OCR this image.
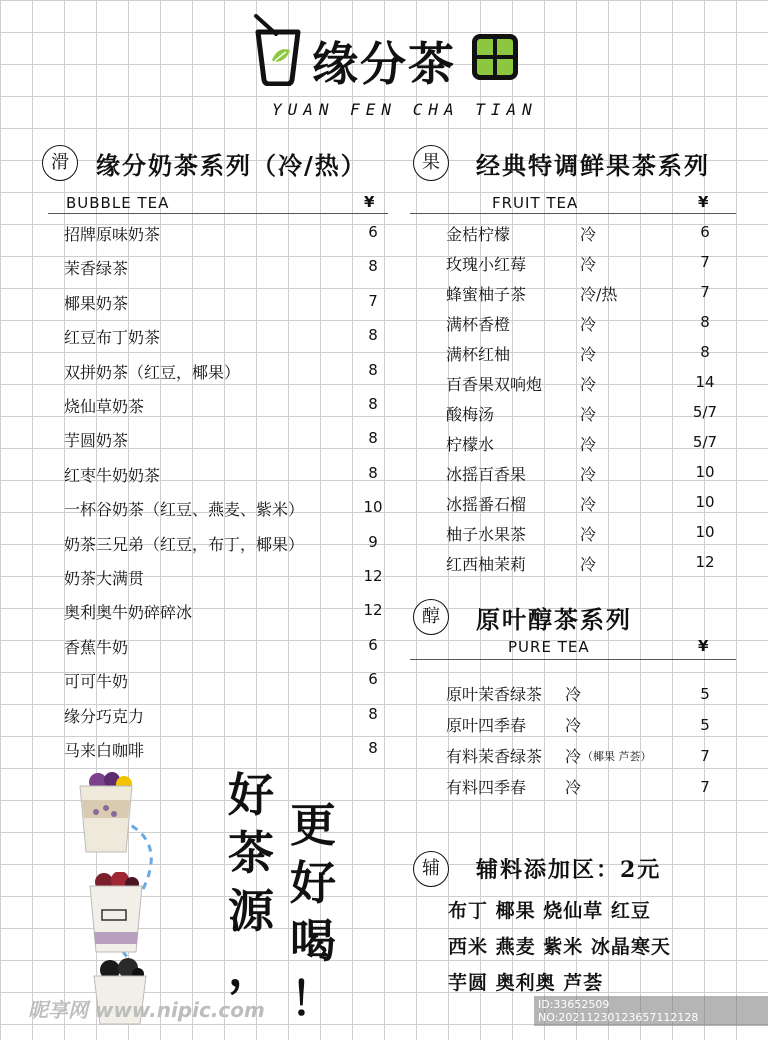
缘分茶
YUAN FEN CHA TIAN
滑	缘分奶茶系列（冷/热）
BUBBLE TEA	¥
招牌原味奶茶	6
茉香绿茶	8
椰果奶茶	7
红豆布丁奶茶	8
双拼奶茶（红豆，椰果）	8
烧仙草奶茶	8
芋圆奶茶	8
红枣牛奶奶茶	8
一杯谷奶茶（红豆、燕麦、紫米）	10
奶茶三兄弟（红豆，布丁，椰果）	9
奶茶大满贯	12
奥利奥牛奶碎碎冰	12
香蕉牛奶	6
可可牛奶	6
缘分巧克力	8
马来白咖啡	8
果	经典特调鲜果茶系列
FRUIT TEA	¥
金桔柠檬	冷	6
玫瑰小红莓	冷	7
蜂蜜柚子茶	冷/热	7
满杯香橙	冷	8
满杯红柚	冷	8
百香果双响炮 冷	14
酸梅汤	冷	5/7
柠檬水	冷	5/7
冰摇百香果	冷	10
冰摇番石榴	冷	10
柚子水果茶	冷	10
红西柚茉莉	冷	12
醇	原叶醇茶系列
PURE TEA	¥
原叶茉香绿茶 冷	5
原叶四季春 冷	5
有料茉香绿茶 冷 （椰果 芦荟）	7
有料四季春 冷	7
辅	辅料添加区：2元
布丁 椰果 烧仙草 红豆
西米 燕麦 紫米 冰晶寒天
芋圆 奥利奥 芦荟
好
茶
源
，
更
好
喝
！
昵享网 www.nipic.com	ID:33652509 NO:20211230123657112128
